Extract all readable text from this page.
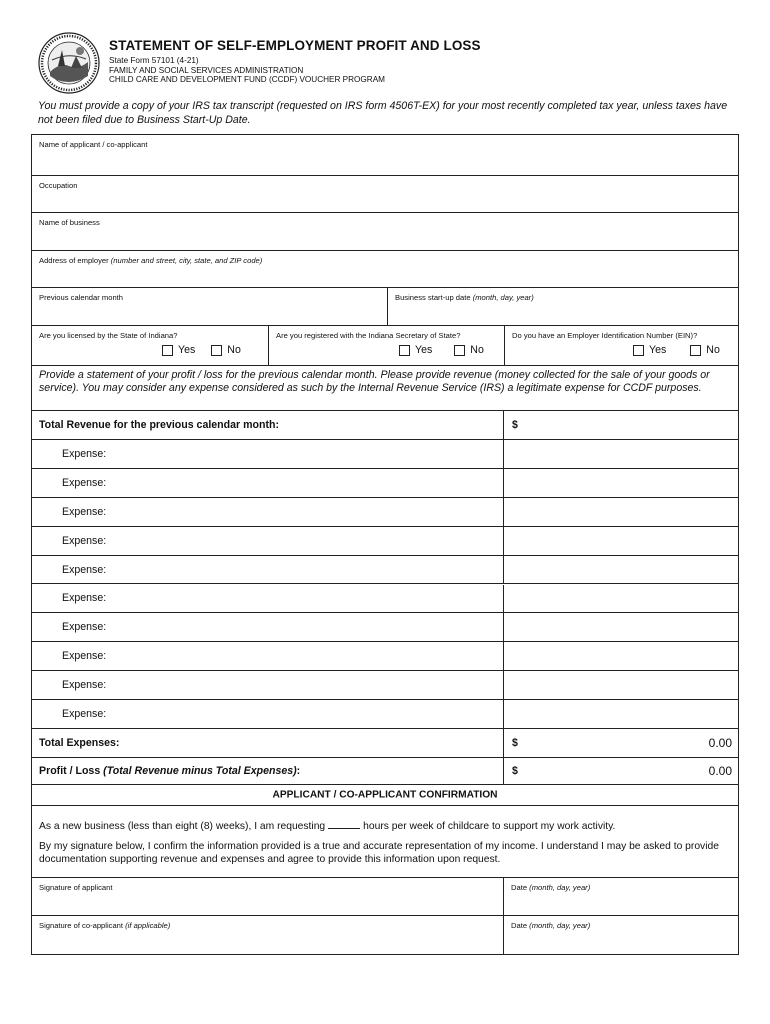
STATEMENT OF SELF-EMPLOYMENT PROFIT AND LOSS
State Form 57101 (4-21)
FAMILY AND SOCIAL SERVICES ADMINISTRATION
CHILD CARE AND DEVELOPMENT FUND (CCDF) VOUCHER PROGRAM
You must provide a copy of your IRS tax transcript (requested on IRS form 4506T-EX) for your most recently completed tax year, unless taxes have not been filed due to Business Start-Up Date.
Name of applicant / co-applicant
Occupation
Name of business
Address of employer (number and street, city, state, and ZIP code)
Previous calendar month	Business start-up date (month, day, year)
Are you licensed by the State of Indiana?
Yes	No
Are you registered with the Indiana Secretary of State?
Yes	No
Do you have an Employer Identification Number (EIN)?
Yes	No
Provide a statement of your profit / loss for the previous calendar month. Please provide revenue (money collected for the sale of your goods or service). You may consider any expense considered as such by the Internal Revenue Service (IRS) a legitimate expense for CCDF purposes.
Total Revenue for the previous calendar month:	$
Expense:
Expense:
Expense:
Expense:
Expense:
Expense:
Expense:
Expense:
Expense:
Expense:
Total Expenses:	$	0.00
Profit / Loss (Total Revenue minus Total Expenses):	$	0.00
APPLICANT / CO-APPLICANT CONFIRMATION
As a new business (less than eight (8) weeks), I am requesting	hours per week of childcare to support my work activity.
By my signature below, I confirm the information provided is a true and accurate representation of my income. I understand I may be asked to provide documentation supporting revenue and expenses and agree to provide this information upon request.
Signature of applicant	Date (month, day, year)
Signature of co-applicant (if applicable)	Date (month, day, year)
